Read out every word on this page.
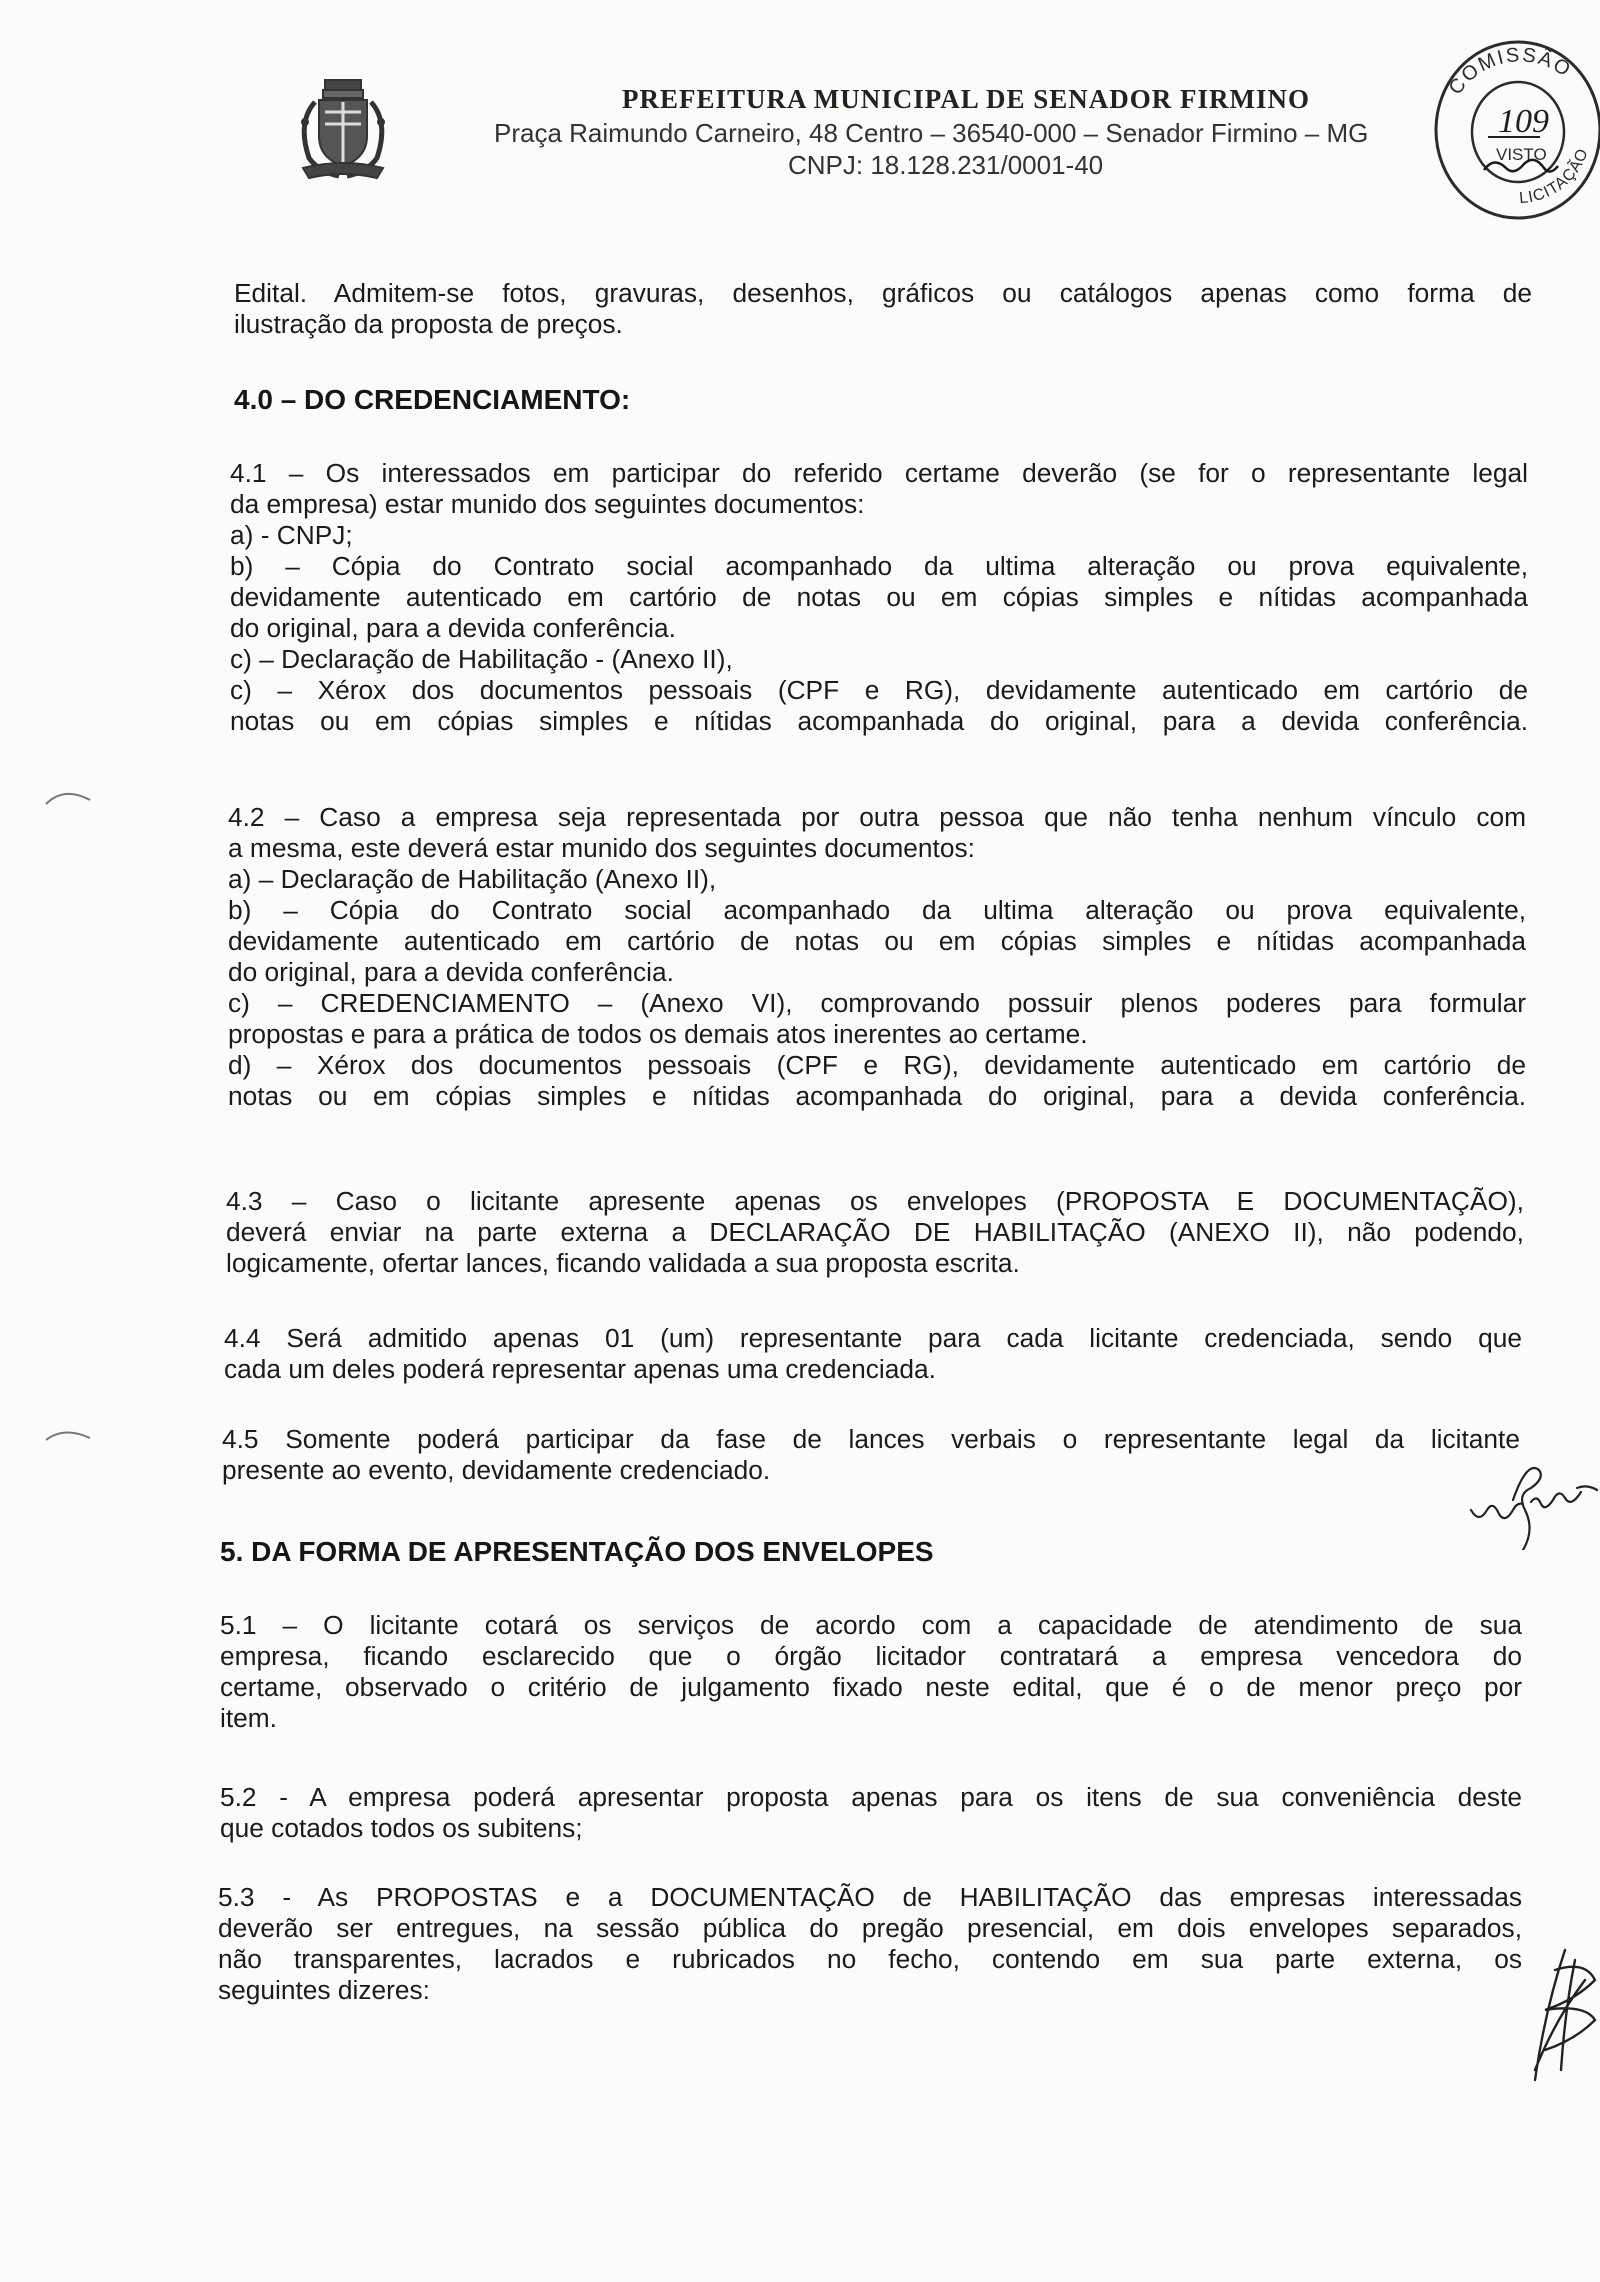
PREFEITURA MUNICIPAL DE SENADOR FIRMINO

Praça Raimundo Carneiro, 48 Centro – 36540-000 – Senador Firmino – MG

CNPJ: 18.128.231/0001-40

COMISSÃO
LICITAÇÃO
109
VISTO
Edital. Admitem-se fotos, gravuras, desenhos, gráficos ou catálogos apenas como forma de
ilustração da proposta de preços.
4.0 – DO CREDENCIAMENTO:
4.1 – Os interessados em participar do referido certame deverão (se for o representante legal
da empresa) estar munido dos seguintes documentos:
a) - CNPJ;
b) – Cópia do Contrato social acompanhado da ultima alteração ou prova equivalente,
devidamente autenticado em cartório de notas ou em cópias simples e nítidas acompanhada
do original, para a devida conferência.
c) – Declaração de Habilitação - (Anexo II),
c) – Xérox dos documentos pessoais (CPF e RG), devidamente autenticado em cartório de
notas ou em cópias simples e nítidas acompanhada do original, para a devida conferência.
4.2 – Caso a empresa seja representada por outra pessoa que não tenha nenhum vínculo com
a mesma, este deverá estar munido dos seguintes documentos:
a) – Declaração de Habilitação (Anexo II),
b) – Cópia do Contrato social acompanhado da ultima alteração ou prova equivalente,
devidamente autenticado em cartório de notas ou em cópias simples e nítidas acompanhada
do original, para a devida conferência.
c) – CREDENCIAMENTO – (Anexo VI), comprovando possuir plenos poderes para formular
propostas e para a prática de todos os demais atos inerentes ao certame.
d) – Xérox dos documentos pessoais (CPF e RG), devidamente autenticado em cartório de
notas ou em cópias simples e nítidas acompanhada do original, para a devida conferência.
4.3 – Caso o licitante apresente apenas os envelopes (PROPOSTA E DOCUMENTAÇÃO),
deverá enviar na parte externa a DECLARAÇÃO DE HABILITAÇÃO (ANEXO II), não podendo,
logicamente, ofertar lances, ficando validada a sua proposta escrita.
4.4 Será admitido apenas 01 (um) representante para cada licitante credenciada, sendo que
cada um deles poderá representar apenas uma credenciada.
4.5 Somente poderá participar da fase de lances verbais o representante legal da licitante
presente ao evento, devidamente credenciado.
5. DA FORMA DE APRESENTAÇÃO DOS ENVELOPES
5.1 – O licitante cotará os serviços de acordo com a capacidade de atendimento de sua
empresa, ficando esclarecido que o órgão licitador contratará a empresa vencedora do
certame, observado o critério de julgamento fixado neste edital, que é o de menor preço por
item.
5.2 - A empresa poderá apresentar proposta apenas para os itens de sua conveniência deste
que cotados todos os subitens;
5.3 - As PROPOSTAS e a DOCUMENTAÇÃO de HABILITAÇÃO das empresas interessadas
deverão ser entregues, na sessão pública do pregão presencial, em dois envelopes separados,
não transparentes, lacrados e rubricados no fecho, contendo em sua parte externa, os
seguintes dizeres:
